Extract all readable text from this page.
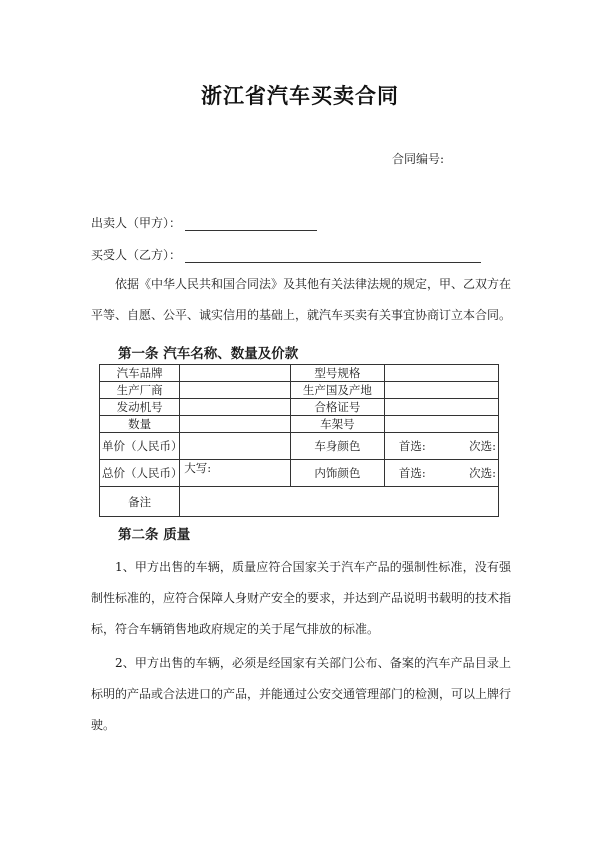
浙江省汽车买卖合同
合同编号:
出卖人（甲方）：
买受人（乙方）：

依据《中华人民共和国合同法》及其他有关法律法规的规定，甲、乙双方在平等、自愿、公平、诚实信用的基础上，就汽车买卖有关事宜协商订立本合同。

第一条 汽车名称、数量及价款
汽车品牌		型号规格	
生产厂商		生产国及产地	
发动机号		合格证号	
数量		车架号	
单价（人民币）		车身颜色	首选: 次选:
总价（人民币）	大写:	内饰颜色	首选: 次选:
备注			
第二条 质量

1、甲方出售的车辆，质量应符合国家关于汽车产品的强制性标准，没有强制性标准的，应符合保障人身财产安全的要求，并达到产品说明书载明的技术指标，符合车辆销售地政府规定的关于尾气排放的标准。

2、甲方出售的车辆，必须是经国家有关部门公布、备案的汽车产品目录上标明的产品或合法进口的产品，并能通过公安交通管理部门的检测，可以上牌行驶。
